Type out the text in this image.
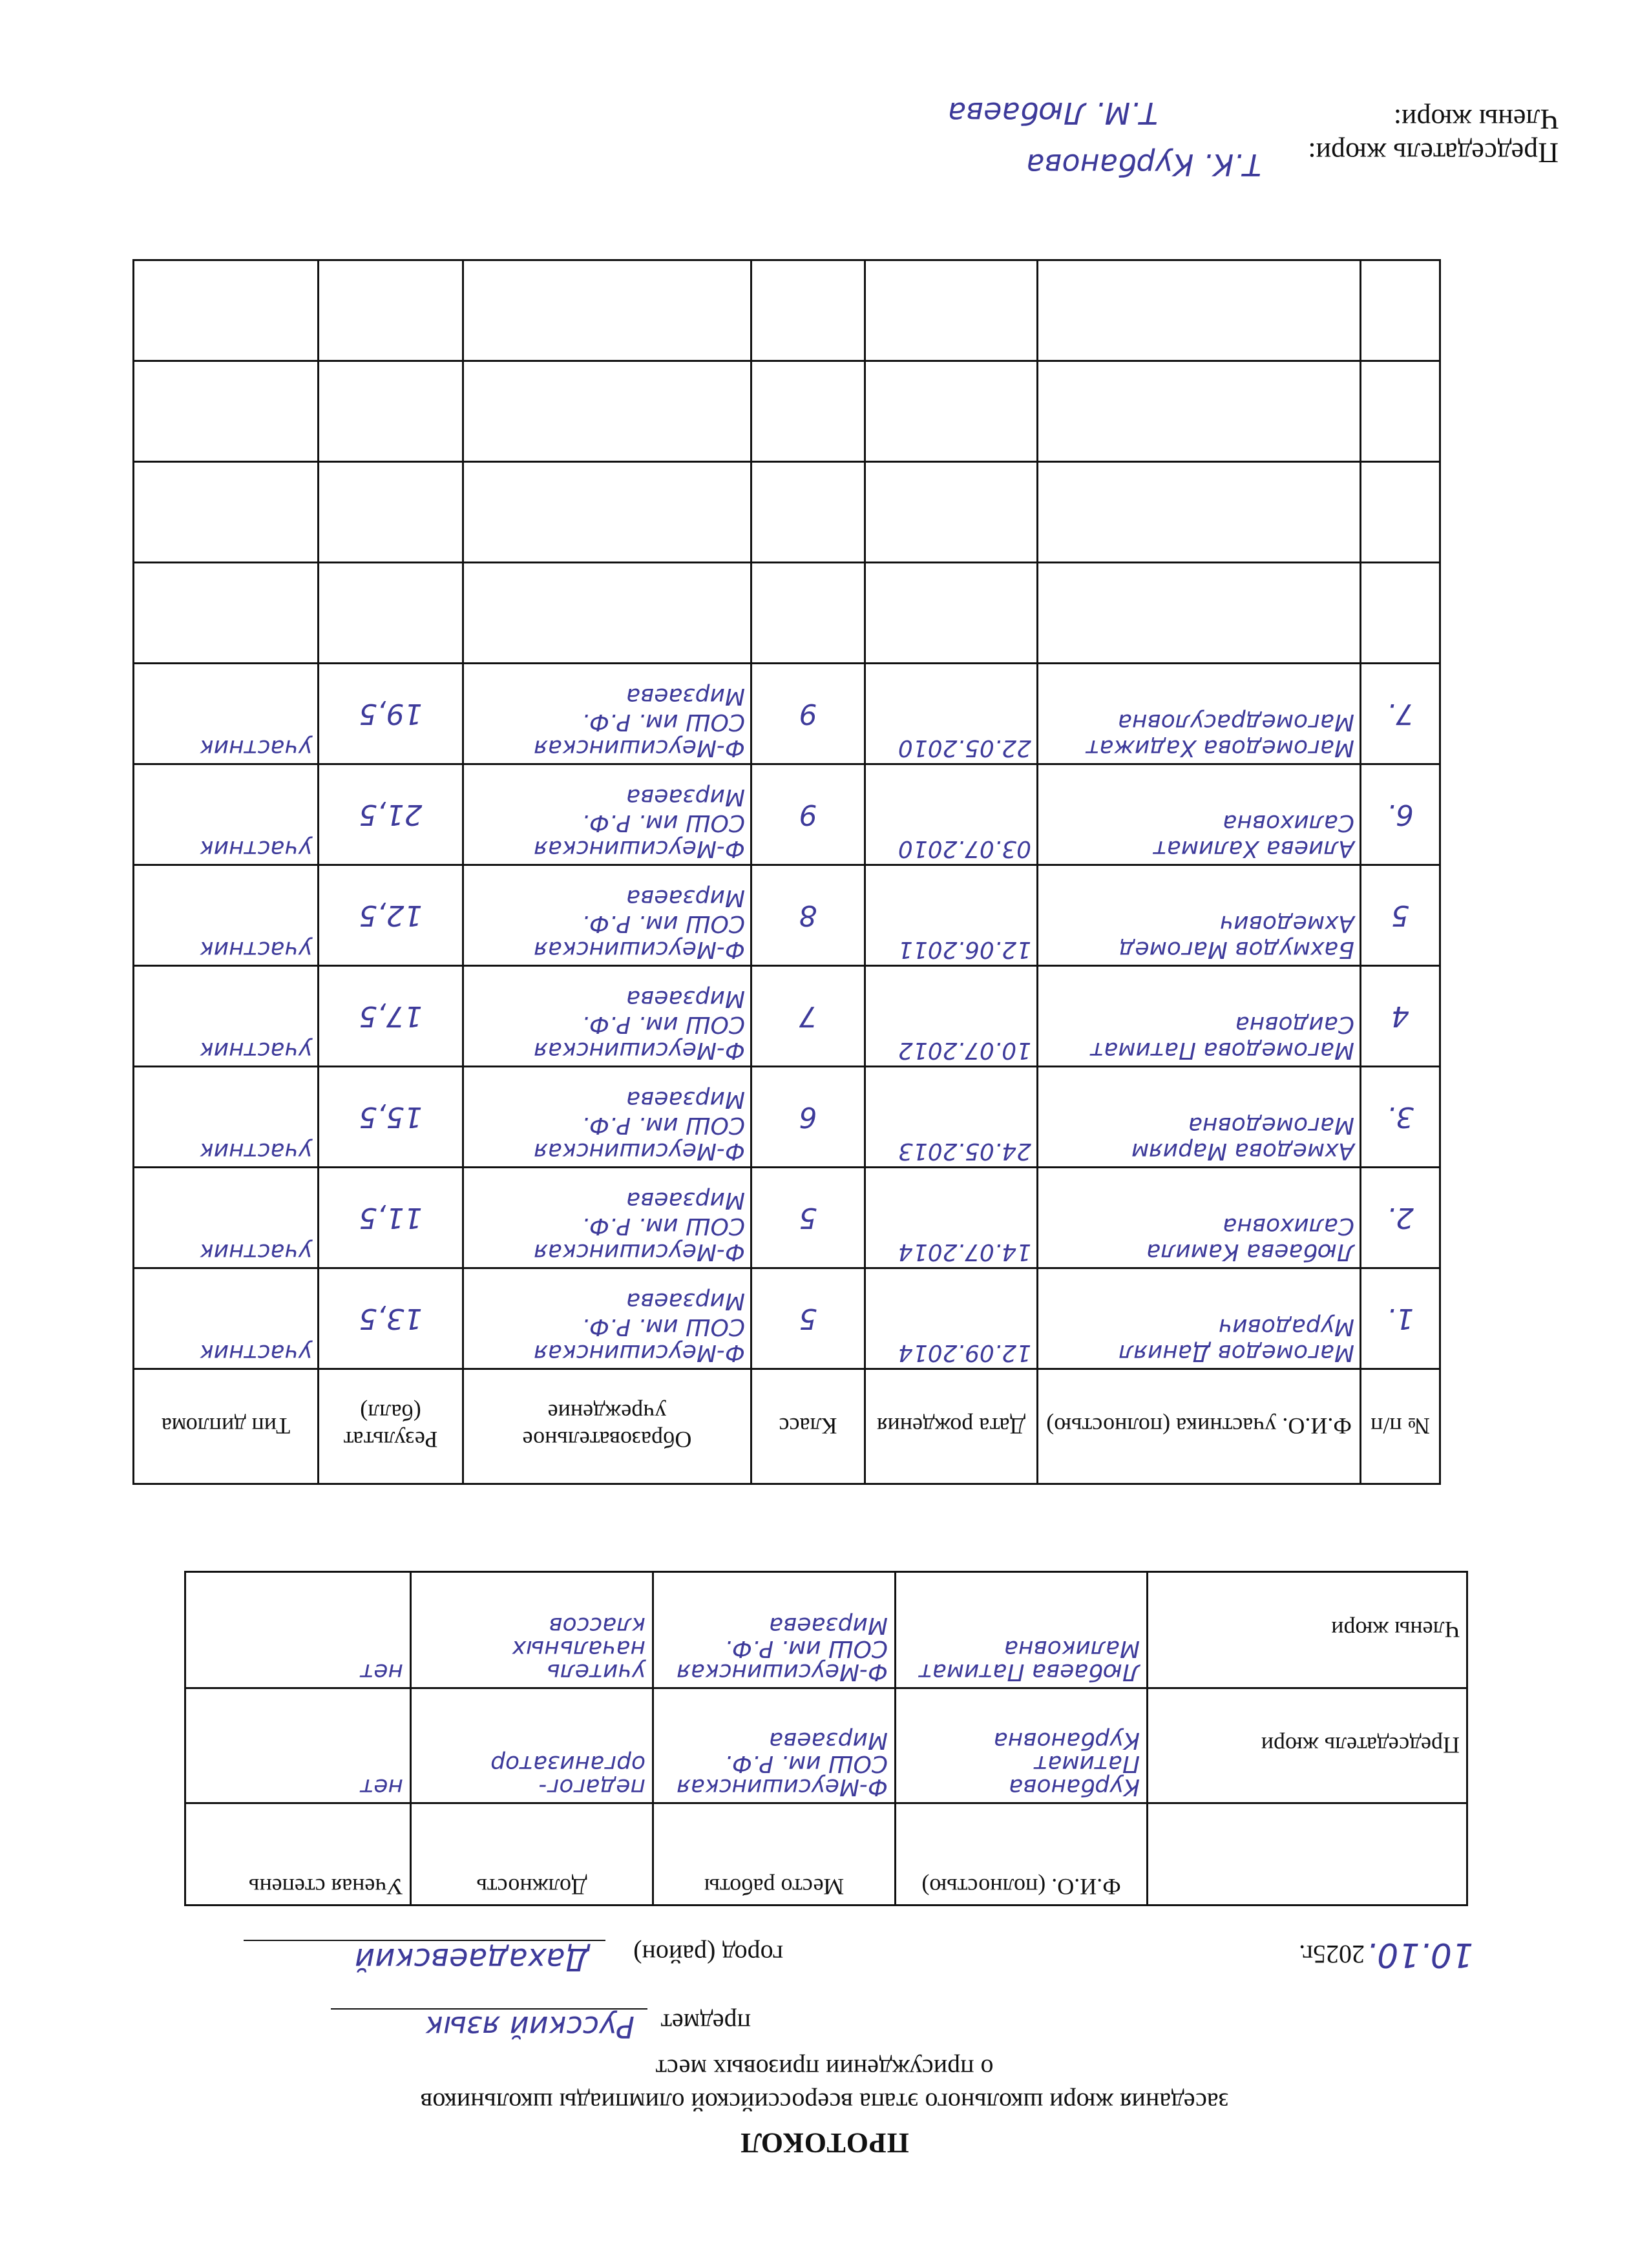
ПРОТОКОЛ
заседания жюри школьного этапа всероссийской олимпиады школьников
о присуждении призовых мест
предмет
Русский язык
10.10.
2025г.
город (район)
Дахадаевский
	Ф.И.О. (полностью)	Место работы	Должность	Ученая степень
Председатель жюри	Курбанова Патимат Курбановна	Ф-Меусишинская СОШ им. Р.Ф. Мирзаева	педагог-организатор	нет
Члены жюри	Любаева Патимат Маликовна	Ф-Меусишинская СОШ им. Р.Ф. Мирзаева	учитель начальных классов	нет
№ п/п	Ф.И.О. участника (полностью)	Дата рождения	Класс	Образовательное учреждение	Результат (балл)	Тип диплома
1.	Магомедов Даниял Мурадович	12.09.2014	5	Ф-Меусишинская СОШ им. Р.Ф. Мирзаева	13,5	участник
2.	Любаева Камила Салиховна	14.07.2014	5	Ф-Меусишинская СОШ им. Р.Ф. Мирзаева	11,5	участник
3.	Ахмедова Мариям Магомедовна	24.05.2013	6	Ф-Меусишинская СОШ им. Р.Ф. Мирзаева	15,5	участник
4	Магомедова Патимат Саидовна	10.07.2012	7	Ф-Меусишинская СОШ им. Р.Ф. Мирзаева	17,5	участник
5	Бахмудов Магомед Ахмедович	12.06.2011	8	Ф-Меусишинская СОШ им. Р.Ф. Мирзаева	12,5	участник
6.	Алиева Халимат Салиховна	03.07.2010	9	Ф-Меусишинская СОШ им. Р.Ф. Мирзаева	21,5	участник
7.	Магомедова Хадижат Магомедрасуловна	22.05.2010	9	Ф-Меусишинская СОШ им. Р.Ф. Мирзаева	19,5	участник

Председатель жюри:
Т.К. Курбанова
Члены жюри:
Т.М. Любаева
